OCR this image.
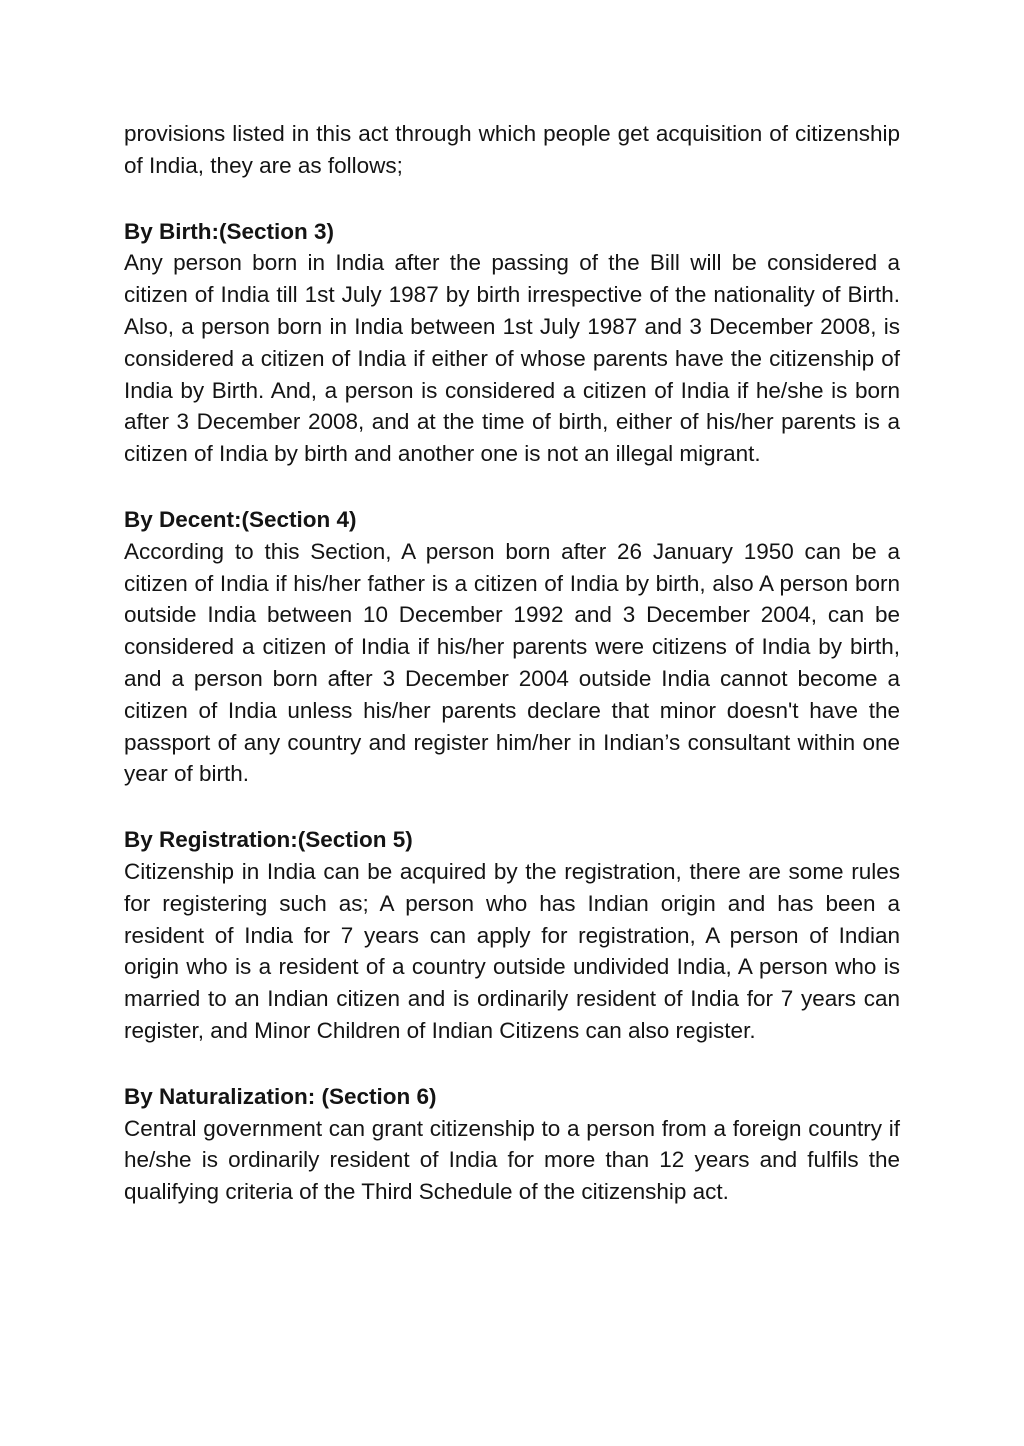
provisions listed in this act through which people get acquisition of citizenship of India, they are as follows;

By Birth:(Section 3)

Any person born in India after the passing of the Bill will be considered a citizen of India till 1st July 1987 by birth irrespective of the nationality of Birth. Also, a person born in India between 1st July 1987 and 3 December 2008, is considered a citizen of India if either of whose parents have the citizenship of India by Birth. And, a person is considered a citizen of India if he/she is born after 3 December 2008, and at the time of birth, either of his/her parents is a citizen of India by birth and another one is not an illegal migrant.

By Decent:(Section 4)

According to this Section, A person born after 26 January 1950 can be a citizen of India if his/her father is a citizen of India by birth, also A person born outside India between 10 December 1992 and 3 December 2004, can be considered a citizen of India if his/her parents were citizens of India by birth, and a person born after 3 December 2004 outside India cannot become a citizen of India unless his/her parents declare that minor doesn't have the passport of any country and register him/her in Indian’s consultant within one year of birth.

By Registration:(Section 5)

Citizenship in India can be acquired by the registration, there are some rules for registering such as; A person who has Indian origin and has been a resident of India for 7 years can apply for registration, A person of Indian origin who is a resident of a country outside undivided India, A person who is married to an Indian citizen and is ordinarily resident of India for 7 years can register, and Minor Children of Indian Citizens can also register.

By Naturalization: (Section 6)

Central government can grant citizenship to a person from a foreign country if he/she is ordinarily resident of India for more than 12 years and fulfils the qualifying criteria of the Third Schedule of the citizenship act.
